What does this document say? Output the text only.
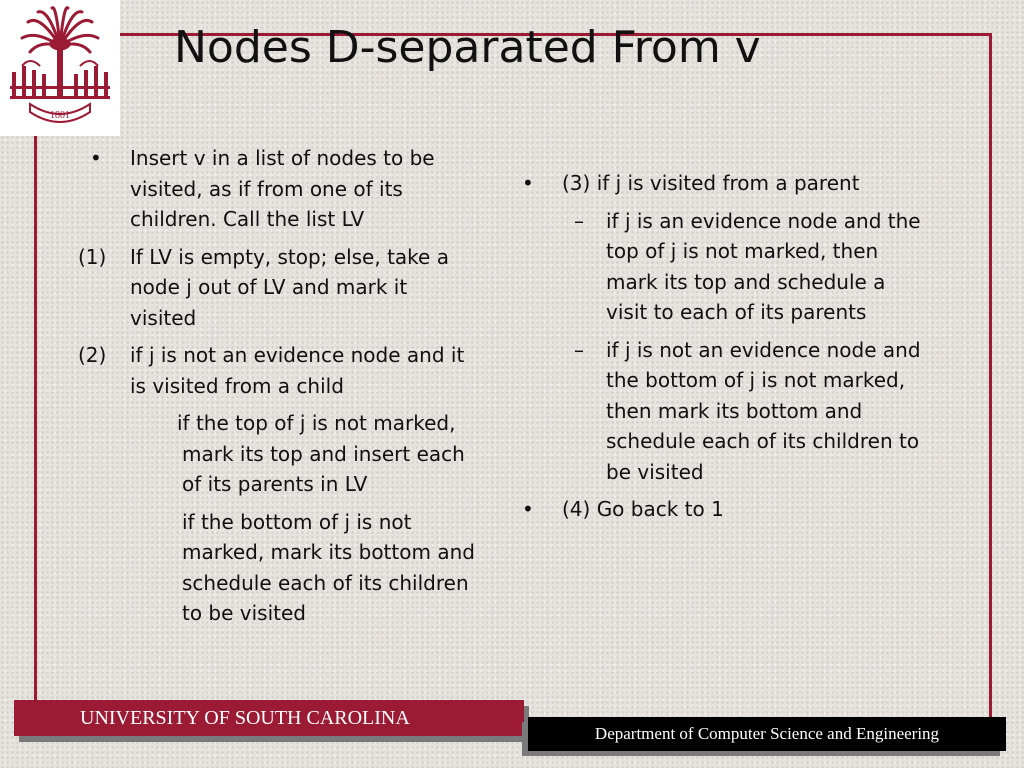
1801
Nodes D-separated From v
• Insert v in a list of nodes to be visited, as if from one of its children. Call the list LV
(1) If LV is empty, stop; else, take a node j out of LV and mark it visited
(2) if j is not an evidence node and it is visited from a child
if the top of j is not marked, mark its top and insert each of its parents in LV
if the bottom of j is not marked, mark its bottom and schedule each of its children to be visited
• (3) if j is visited from a parent
– if j is an evidence node and the top of j is not marked, then mark its top and schedule a visit to each of its parents
– if j is not an evidence node and the bottom of j is not marked, then mark its bottom and schedule each of its children to be visited
• (4) Go back to 1
UNIVERSITY OF SOUTH CAROLINA
Department of Computer Science and Engineering
